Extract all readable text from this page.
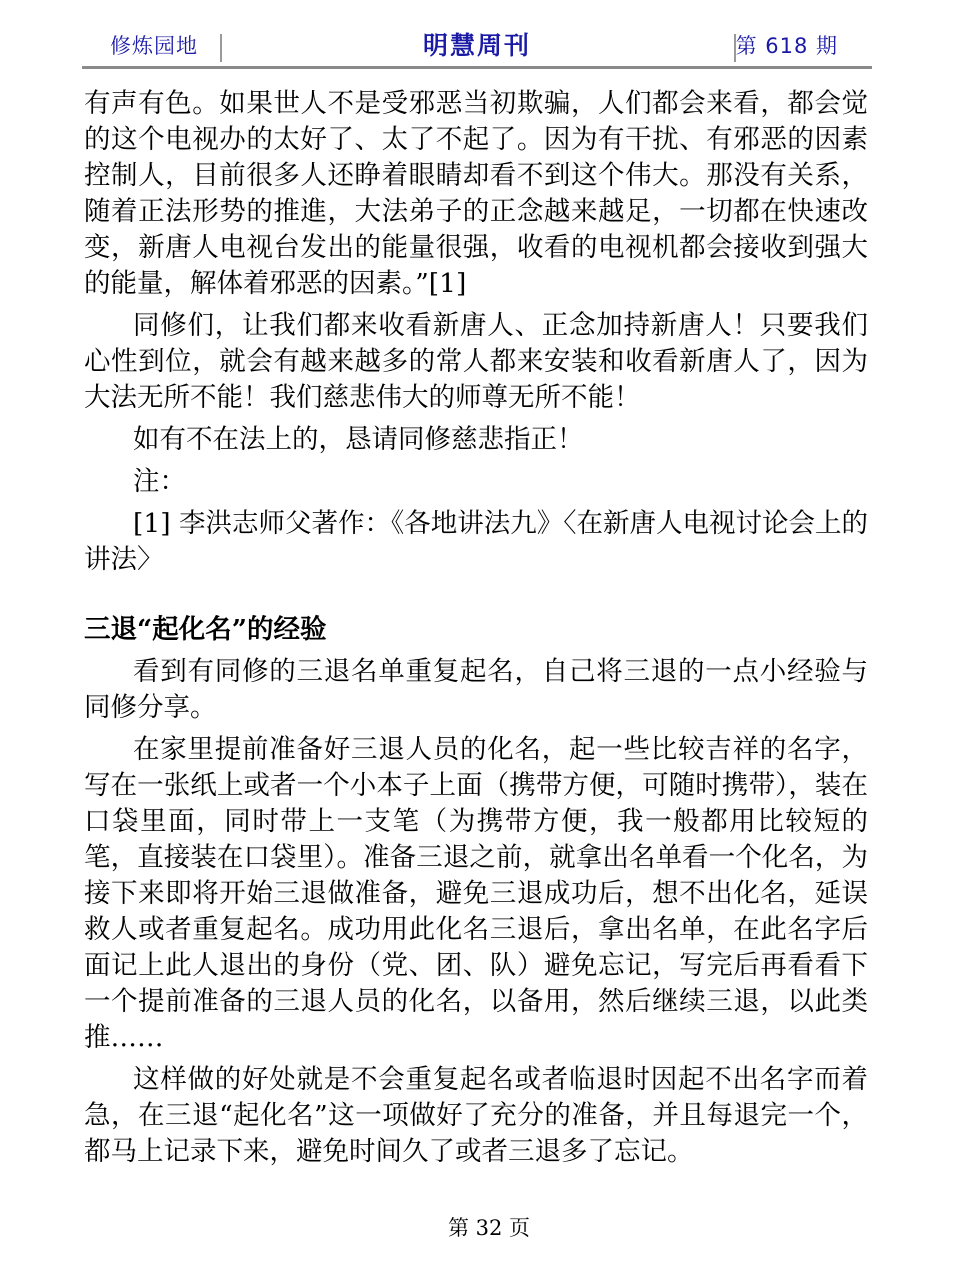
修炼园地	明慧周刊	第 618 期

有声有色。如果世人不是受邪恶当初欺骗，人们都会来看，都会觉的这个电视办的太好了、太了不起了。因为有干扰、有邪恶的因素控制人，目前很多人还睁着眼睛却看不到这个伟大。那没有关系，随着正法形势的推進，大法弟子的正念越来越足，一切都在快速改变，新唐人电视台发出的能量很强，收看的电视机都会接收到强大的能量，解体着邪恶的因素。”[1]

同修们，让我们都来收看新唐人、正念加持新唐人！只要我们心性到位，就会有越来越多的常人都来安装和收看新唐人了，因为大法无所不能！我们慈悲伟大的师尊无所不能！

如有不在法上的，恳请同修慈悲指正！

注：

[1] 李洪志师父著作：《各地讲法九》〈在新唐人电视讨论会上的讲法〉

三退“起化名”的经验

看到有同修的三退名单重复起名，自己将三退的一点小经验与同修分享。

在家里提前准备好三退人员的化名，起一些比较吉祥的名字，写在一张纸上或者一个小本子上面（携带方便，可随时携带），装在口袋里面，同时带上一支笔（为携带方便，我一般都用比较短的笔，直接装在口袋里）。准备三退之前，就拿出名单看一个化名，为接下来即将开始三退做准备，避免三退成功后，想不出化名，延误救人或者重复起名。成功用此化名三退后，拿出名单，在此名字后面记上此人退出的身份（党、团、队）避免忘记，写完后再看看下一个提前准备的三退人员的化名，以备用，然后继续三退，以此类推……

这样做的好处就是不会重复起名或者临退时因起不出名字而着急，在三退“起化名”这一项做好了充分的准备，并且每退完一个，都马上记录下来，避免时间久了或者三退多了忘记。

第 32 页
